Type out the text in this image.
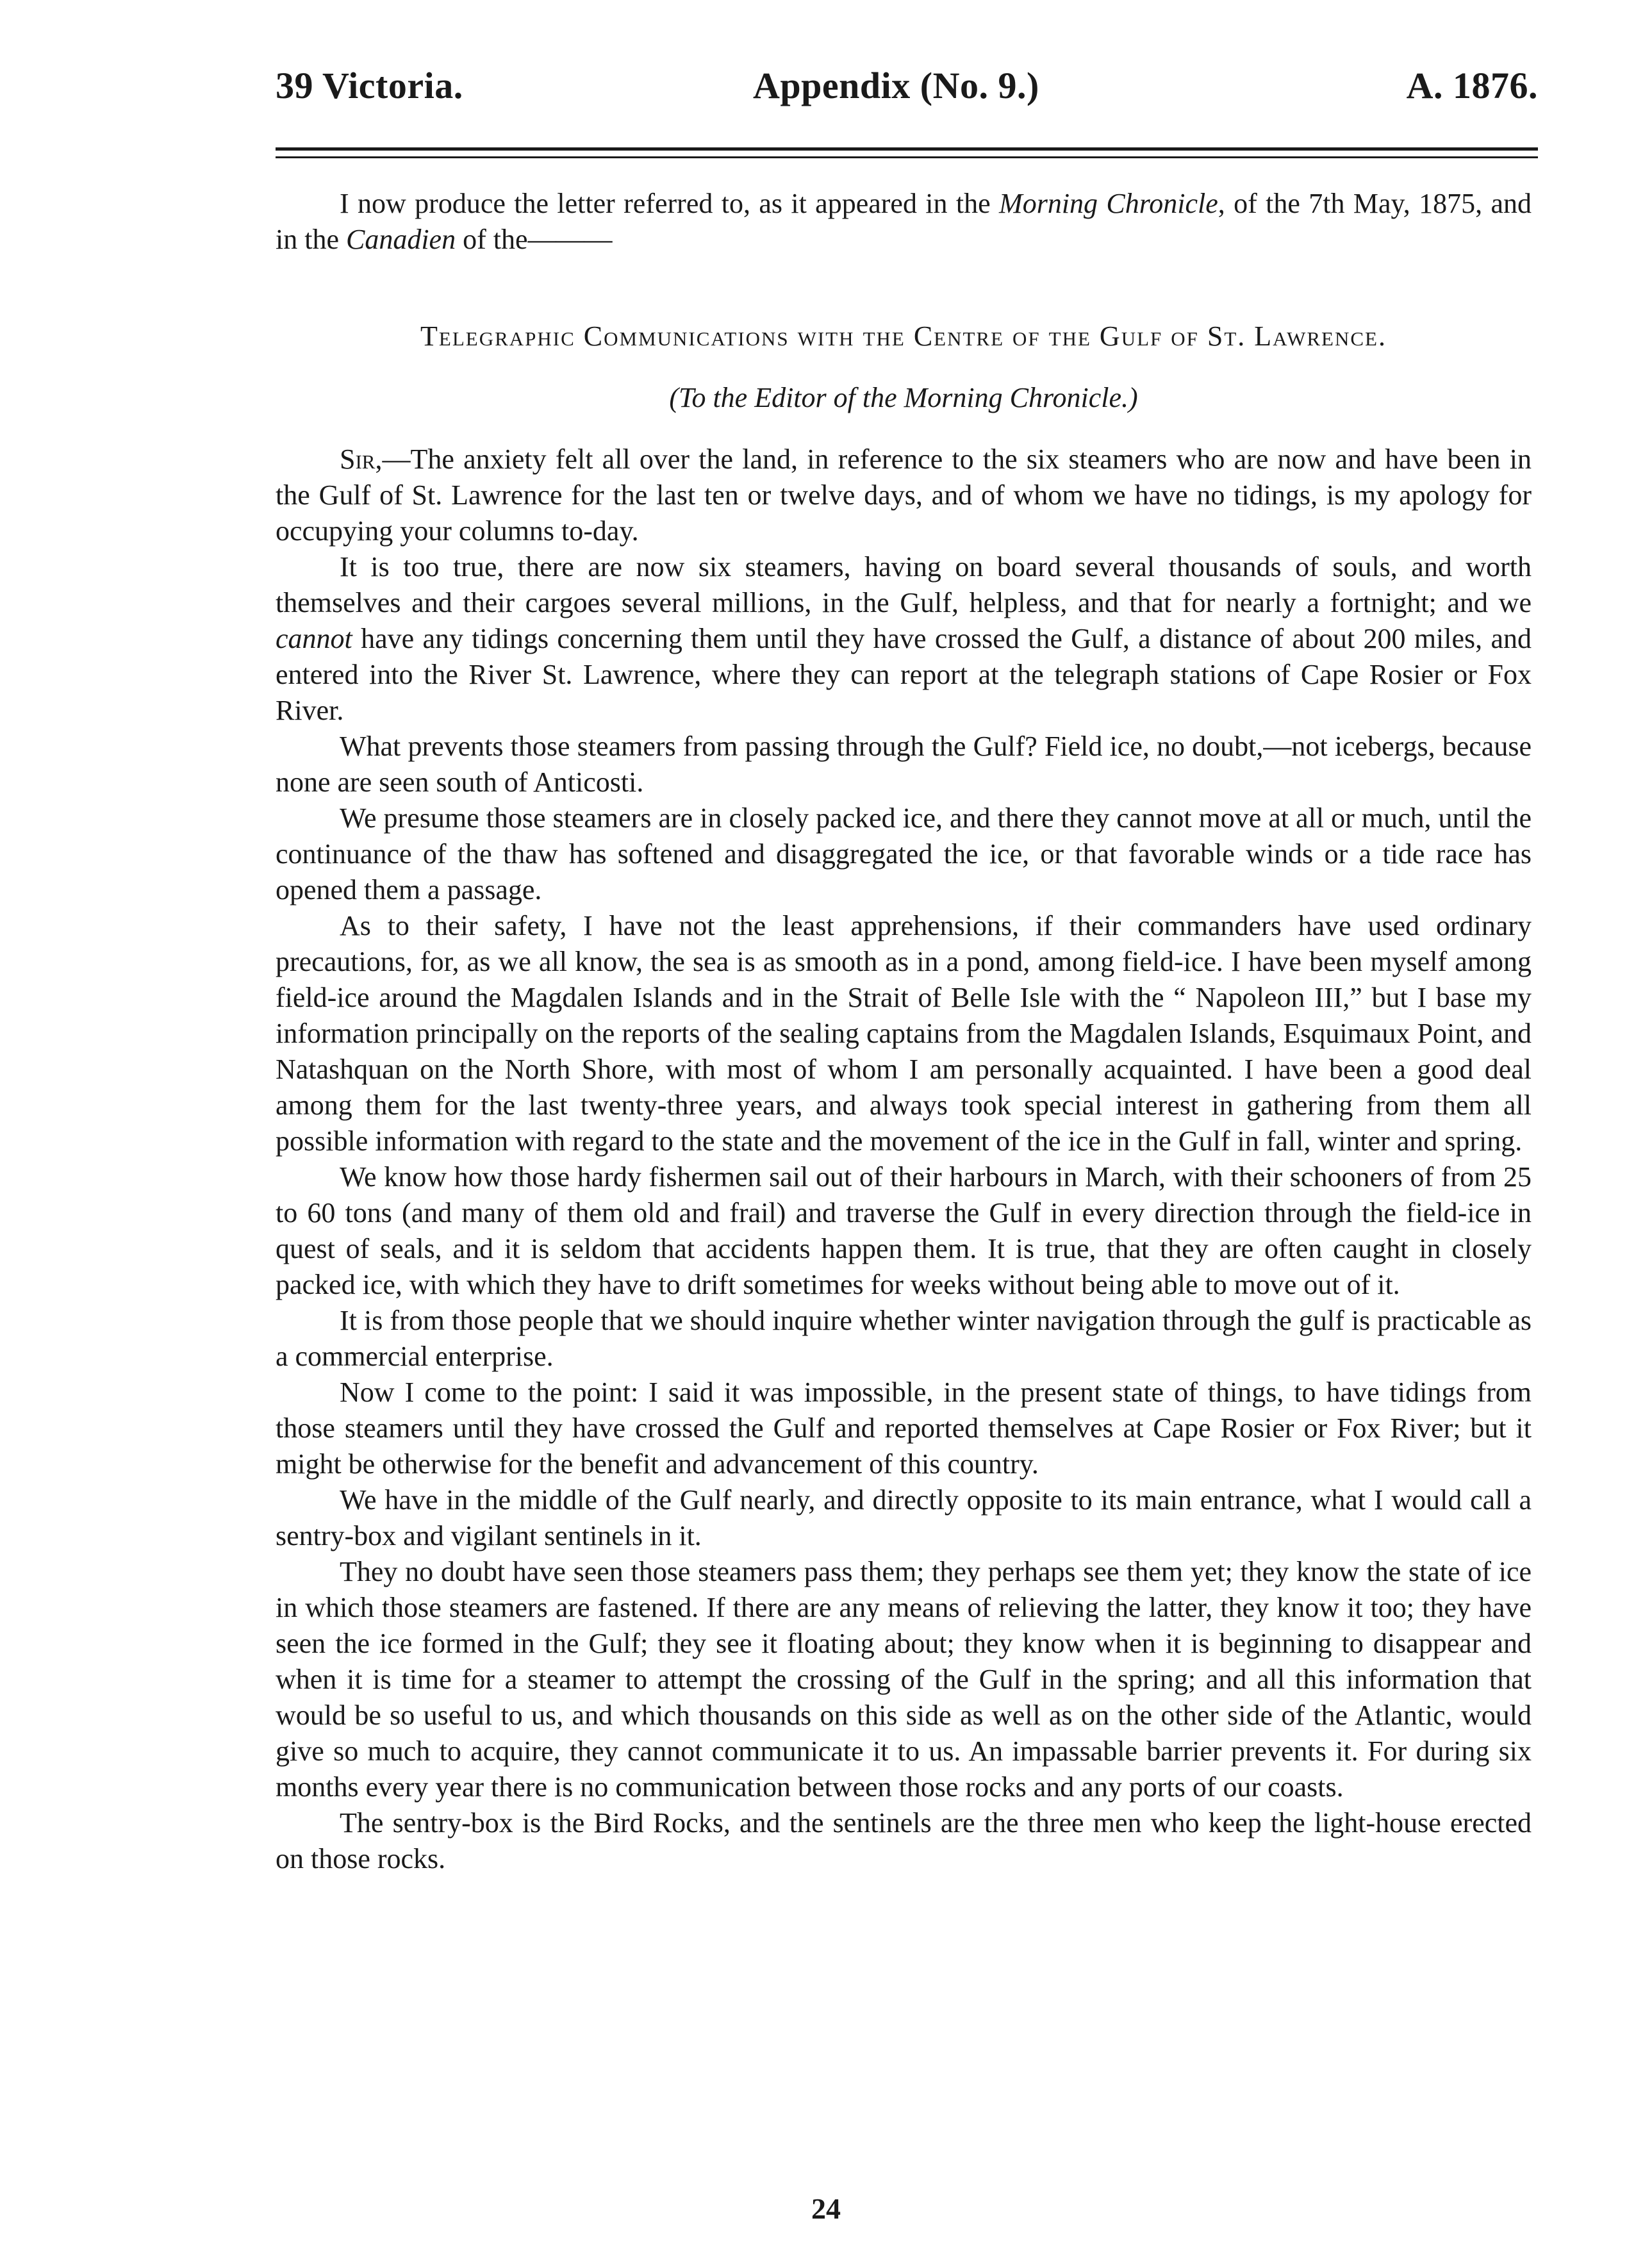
39 Victoria.	Appendix (No. 9.)	A. 1876.

I now produce the letter referred to, as it appeared in the Morning Chronicle, of the 7th May, 1875, and in the Canadien of the———

Telegraphic Communications with the Centre of the Gulf of St. Lawrence.

(To the Editor of the Morning Chronicle.)

Sir,—The anxiety felt all over the land, in reference to the six steamers who are now and have been in the Gulf of St. Lawrence for the last ten or twelve days, and of whom we have no tidings, is my apology for occupying your columns to-day.

It is too true, there are now six steamers, having on board several thousands of souls, and worth themselves and their cargoes several millions, in the Gulf, helpless, and that for nearly a fortnight; and we cannot have any tidings concerning them until they have crossed the Gulf, a distance of about 200 miles, and entered into the River St. Lawrence, where they can report at the telegraph stations of Cape Rosier or Fox River.

What prevents those steamers from passing through the Gulf? Field ice, no doubt,—not icebergs, because none are seen south of Anticosti.

We presume those steamers are in closely packed ice, and there they cannot move at all or much, until the continuance of the thaw has softened and disaggregated the ice, or that favorable winds or a tide race has opened them a passage.

As to their safety, I have not the least apprehensions, if their commanders have used ordinary precautions, for, as we all know, the sea is as smooth as in a pond, among field-ice. I have been myself among field-ice around the Magdalen Islands and in the Strait of Belle Isle with the “ Napoleon III,” but I base my information principally on the reports of the sealing captains from the Magdalen Islands, Esquimaux Point, and Natashquan on the North Shore, with most of whom I am personally acquainted. I have been a good deal among them for the last twenty-three years, and always took special interest in gathering from them all possible information with regard to the state and the movement of the ice in the Gulf in fall, winter and spring.

We know how those hardy fishermen sail out of their harbours in March, with their schooners of from 25 to 60 tons (and many of them old and frail) and traverse the Gulf in every direction through the field-ice in quest of seals, and it is seldom that accidents happen them. It is true, that they are often caught in closely packed ice, with which they have to drift sometimes for weeks without being able to move out of it.

It is from those people that we should inquire whether winter navigation through the gulf is practicable as a commercial enterprise.

Now I come to the point: I said it was impossible, in the present state of things, to have tidings from those steamers until they have crossed the Gulf and reported themselves at Cape Rosier or Fox River; but it might be otherwise for the benefit and advancement of this country.

We have in the middle of the Gulf nearly, and directly opposite to its main entrance, what I would call a sentry-box and vigilant sentinels in it.

They no doubt have seen those steamers pass them; they perhaps see them yet; they know the state of ice in which those steamers are fastened. If there are any means of relieving the latter, they know it too; they have seen the ice formed in the Gulf; they see it floating about; they know when it is beginning to disappear and when it is time for a steamer to attempt the crossing of the Gulf in the spring; and all this information that would be so useful to us, and which thousands on this side as well as on the other side of the Atlantic, would give so much to acquire, they cannot communicate it to us. An impassable barrier prevents it. For during six months every year there is no communication between those rocks and any ports of our coasts.

The sentry-box is the Bird Rocks, and the sentinels are the three men who keep the light-house erected on those rocks.

24
